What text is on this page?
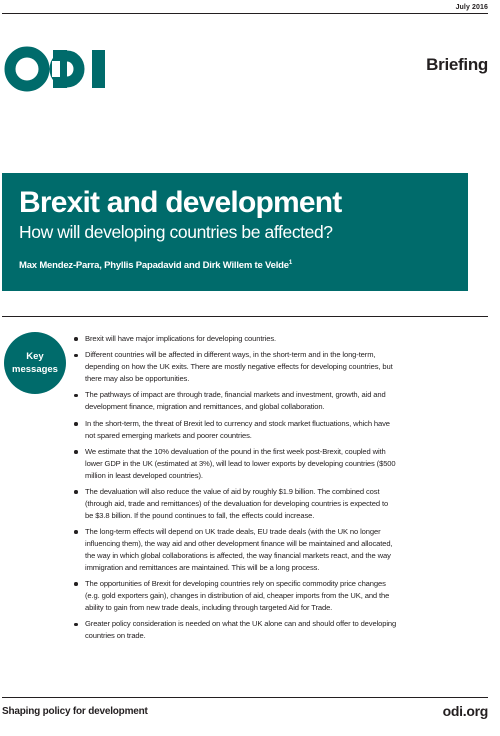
July 2016
Briefing
Brexit and development
How will developing countries be affected?
Max Mendez-Parra, Phyllis Papadavid and Dirk Willem te Velde$^1$
Key
messages
Brexit will have major implications for developing countries.
Different countries will be affected in different ways, in the short-term and in the long-term, depending on how the UK exits. There are mostly negative effects for developing countries, but there may also be opportunities.
The pathways of impact are through trade, financial markets and investment, growth, aid and development finance, migration and remittances, and global collaboration.
In the short-term, the threat of Brexit led to currency and stock market fluctuations, which have not spared emerging markets and poorer countries.
We estimate that the 10% devaluation of the pound in the first week post-Brexit, coupled with lower GDP in the UK (estimated at 3%), will lead to lower exports by developing countries ($500 million in least developed countries).
The devaluation will also reduce the value of aid by roughly $1.9 billion. The combined cost (through aid, trade and remittances) of the devaluation for developing countries is expected to be $3.8 billion. If the pound continues to fall, the effects could increase.
The long-term effects will depend on UK trade deals, EU trade deals (with the UK no longer influencing them), the way aid and other development finance will be maintained and allocated, the way in which global collaborations is affected, the way financial markets react, and the way immigration and remittances are maintained. This will be a long process.
The opportunities of Brexit for developing countries rely on specific commodity price changes (e.g. gold exporters gain), changes in distribution of aid, cheaper imports from the UK, and the ability to gain from new trade deals, including through targeted Aid for Trade.
Greater policy consideration is needed on what the UK alone can and should offer to developing countries on trade.
Shaping policy for development	odi.org
